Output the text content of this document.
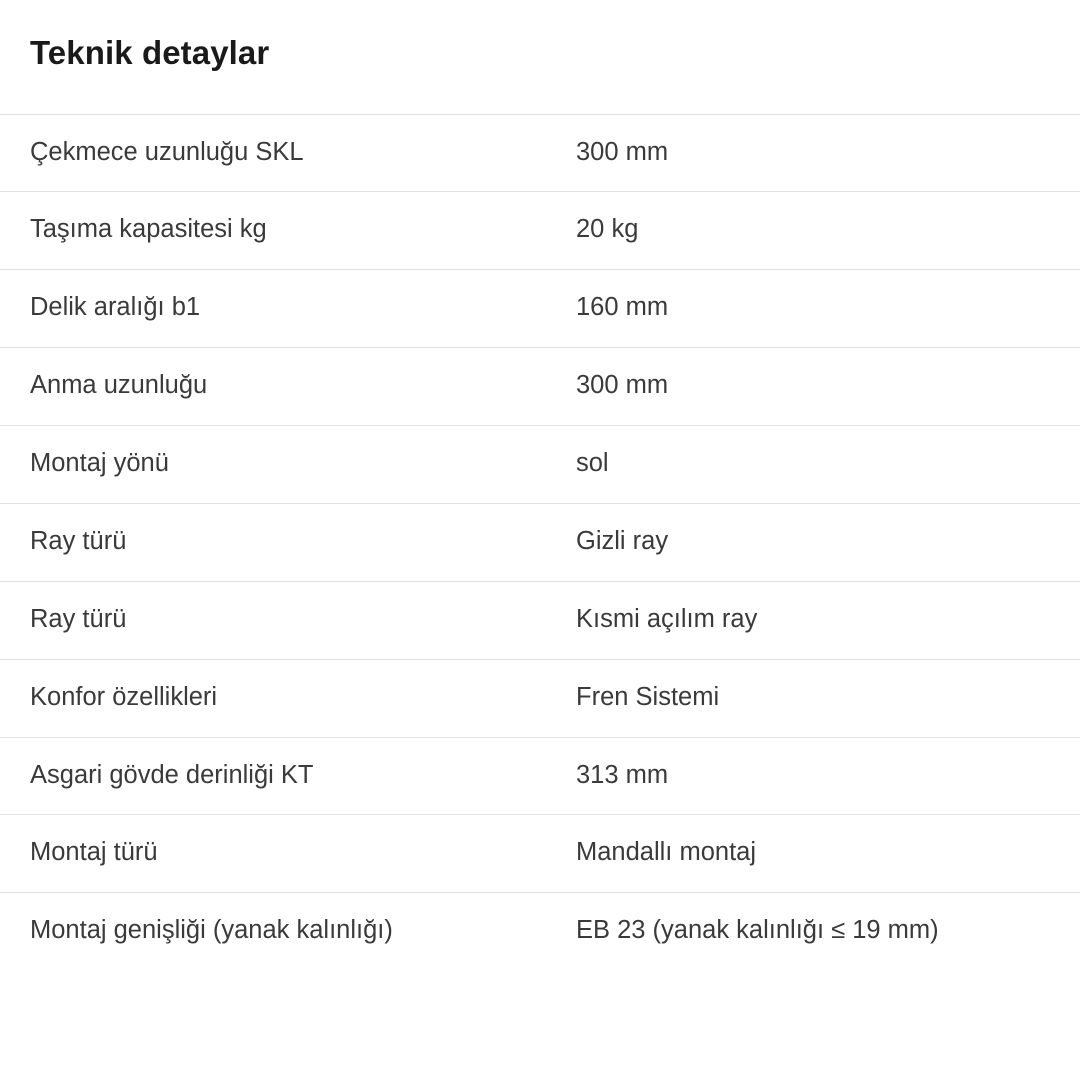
Teknik detaylar
Çekmece uzunluğu SKL	300 mm
Taşıma kapasitesi kg	20 kg
Delik aralığı b1	160 mm
Anma uzunluğu	300 mm
Montaj yönü	sol
Ray türü	Gizli ray
Ray türü	Kısmi açılım ray
Konfor özellikleri	Fren Sistemi
Asgari gövde derinliği KT	313 mm
Montaj türü	Mandallı montaj
Montaj genişliği (yanak kalınlığı)	EB 23 (yanak kalınlığı ≤ 19 mm)
